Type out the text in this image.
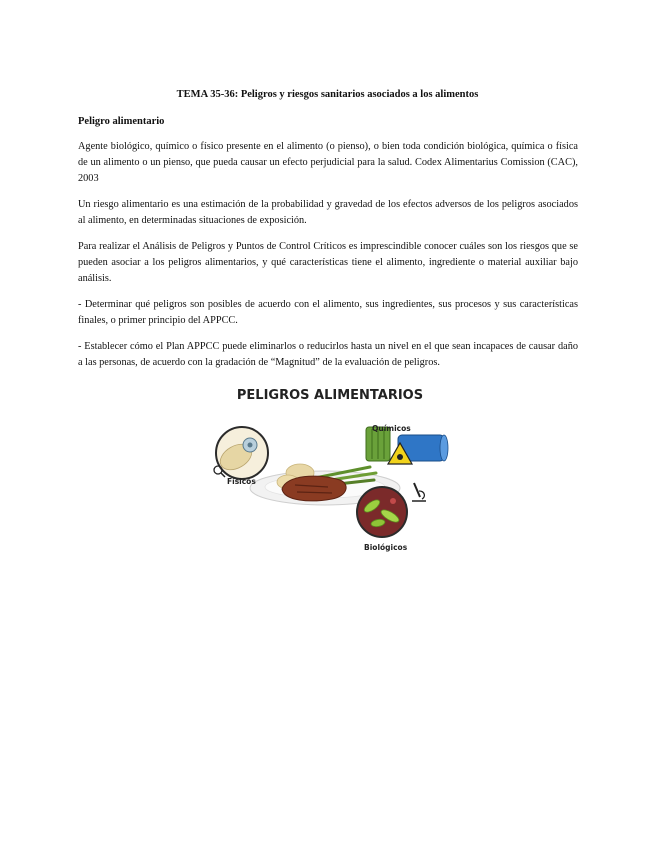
TEMA 35-36: Peligros y riesgos sanitarios asociados a los alimentos
Peligro alimentario

Agente biológico, químico o físico presente en el alimento (o pienso), o bien toda condición biológica, química o física de un alimento o un pienso, que pueda causar un efecto perjudicial para la salud. Codex Alimentarius Comission (CAC), 2003

Un riesgo alimentario es una estimación de la probabilidad y gravedad de los efectos adversos de los peligros asociados al alimento, en determinadas situaciones de exposición.

Para realizar el Análisis de Peligros y Puntos de Control Críticos es imprescindible conocer cuáles son los riesgos que se pueden asociar a los peligros alimentarios, y qué características tiene el alimento, ingrediente o material auxiliar bajo análisis.

- Determinar qué peligros son posibles de acuerdo con el alimento, sus ingredientes, sus procesos y sus características finales, o primer principio del APPCC.

- Establecer cómo el Plan APPCC puede eliminarlos o reducirlos hasta un nivel en el que sean incapaces de causar daño a las personas, de acuerdo con la gradación de “Magnitud” de la evaluación de peligros.

PELIGROS ALIMENTARIOS

Químicos
Físicos
Biológicos
